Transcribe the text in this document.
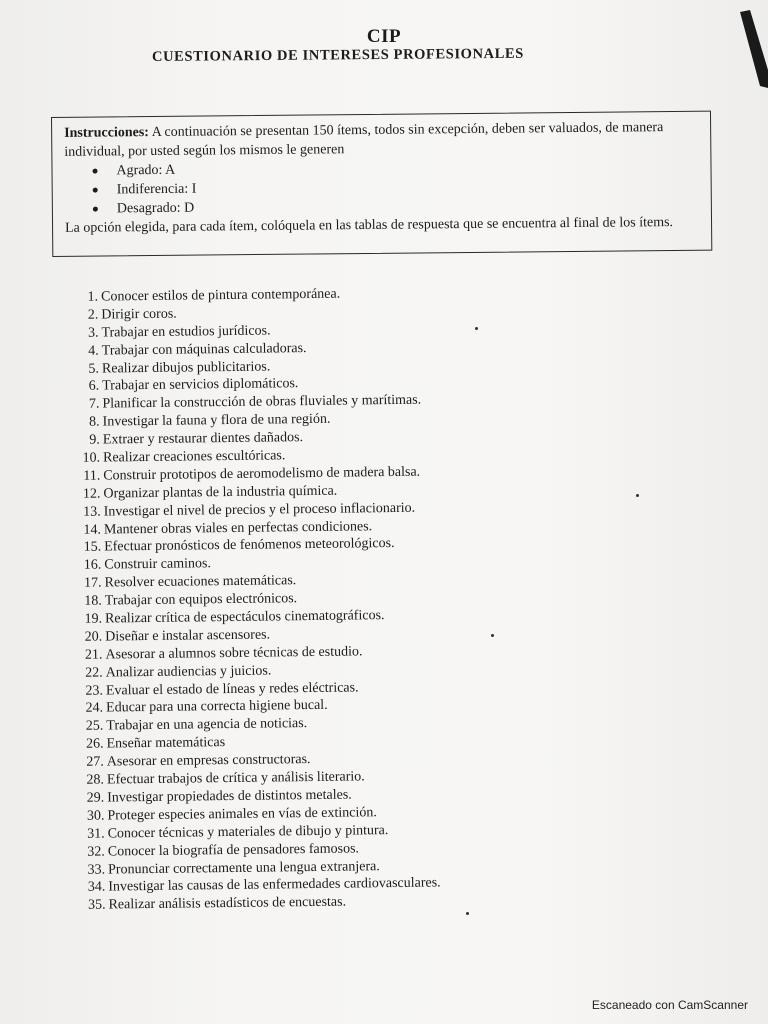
CIP
CUESTIONARIO DE INTERESES PROFESIONALES

Instrucciones: A continuación se presentan 150 ítems, todos sin excepción, deben ser valuados, de manera individual, por usted según los mismos le generen

Agrado: A
Indiferencia: I
Desagrado: D

La opción elegida, para cada ítem, colóquela en las tablas de respuesta que se encuentra al final de los ítems.

1. Conocer estilos de pintura contemporánea.
2. Dirigir coros.
3. Trabajar en estudios jurídicos.
4. Trabajar con máquinas calculadoras.
5. Realizar dibujos publicitarios.
6. Trabajar en servicios diplomáticos.
7. Planificar la construcción de obras fluviales y marítimas.
8. Investigar la fauna y flora de una región.
9. Extraer y restaurar dientes dañados.
10. Realizar creaciones escultóricas.
11. Construir prototipos de aeromodelismo de madera balsa.
12. Organizar plantas de la industria química.
13. Investigar el nivel de precios y el proceso inflacionario.
14. Mantener obras viales en perfectas condiciones.
15. Efectuar pronósticos de fenómenos meteorológicos.
16. Construir caminos.
17. Resolver ecuaciones matemáticas.
18. Trabajar con equipos electrónicos.
19. Realizar crítica de espectáculos cinematográficos.
20. Diseñar e instalar ascensores.
21. Asesorar a alumnos sobre técnicas de estudio.
22. Analizar audiencias y juicios.
23. Evaluar el estado de líneas y redes eléctricas.
24. Educar para una correcta higiene bucal.
25. Trabajar en una agencia de noticias.
26. Enseñar matemáticas
27. Asesorar en empresas constructoras.
28. Efectuar trabajos de crítica y análisis literario.
29. Investigar propiedades de distintos metales.
30. Proteger especies animales en vías de extinción.
31. Conocer técnicas y materiales de dibujo y pintura.
32. Conocer la biografía de pensadores famosos.
33. Pronunciar correctamente una lengua extranjera.
34. Investigar las causas de las enfermedades cardiovasculares.
35. Realizar análisis estadísticos de encuestas.
Escaneado con CamScanner
